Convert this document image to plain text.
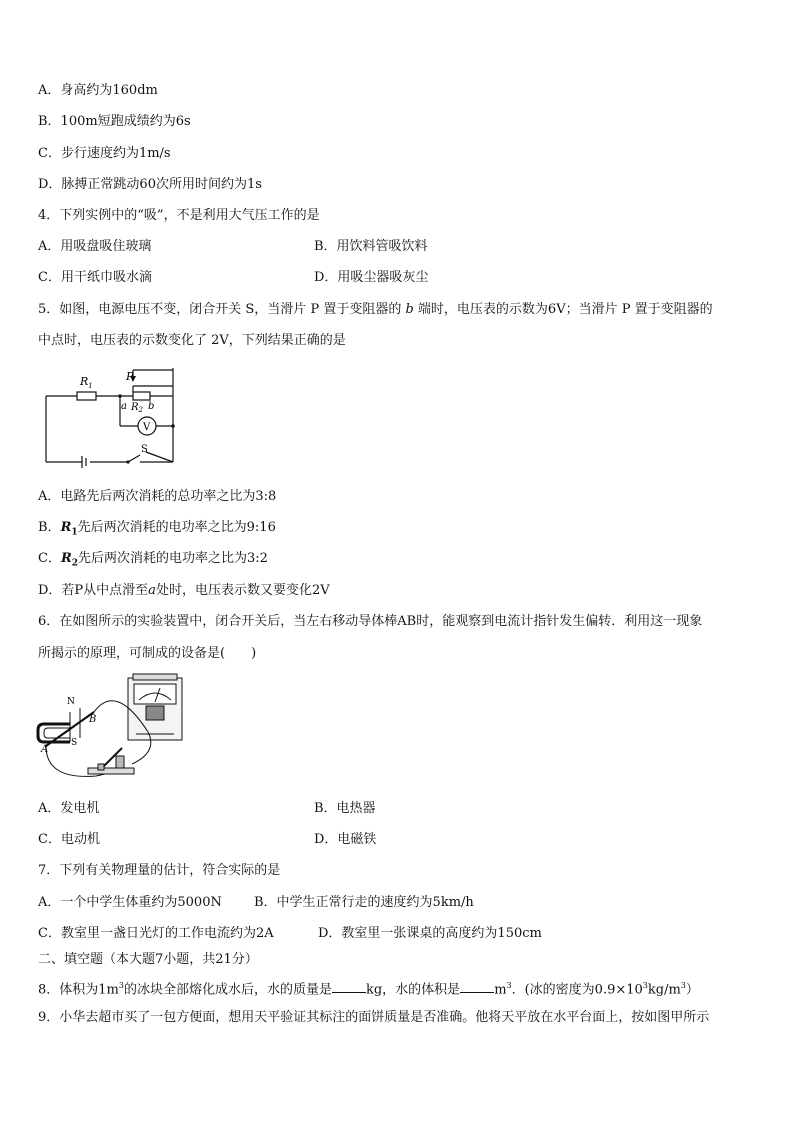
A．身高约为160dm
B．100m短跑成绩约为6s
C．步行速度约为1m/s
D．脉搏正常跳动60次所用时间约为1s
4．下列实例中的“吸”，不是利用大气压工作的是
A．用吸盘吸住玻璃	B．用饮料管吸饮料
C．用干纸巾吸水滴	D．用吸尘器吸灰尘
5．如图，电源电压不变，闭合开关 S，当滑片 P 置于变阻器的 b 端时，电压表的示数为6V；当滑片 P 置于变阻器的
中点时，电压表的示数变化了 2V，下列结果正确的是
$R_1$
P
a $R_2$ b
V
S
A．电路先后两次消耗的总功率之比为3:8
B．$R_1$先后两次消耗的电功率之比为9:16
C．$R_2$先后两次消耗的电功率之比为3:2
D．若P从中点滑至a处时，电压表示数又要变化2V
6．在如图所示的实验装置中，闭合开关后，当左右移动导体棒AB时，能观察到电流计指针发生偏转．利用这一现象
所揭示的原理，可制成的设备是(　　)
N
S
A
B
A．发电机	B．电热器
C．电动机	D．电磁铁
7．下列有关物理量的估计，符合实际的是
A．一个中学生体重约为5000N B．中学生正常行走的速度约为5km/h
C．教室里一盏日光灯的工作电流约为2A	D．教室里一张课桌的高度约为150cm
二、填空题（本大题7小题，共21分）
8．体积为$1m^3$的冰块全部熔化成水后，水的质量是	kg，水的体积是	$m^3$．(冰的密度为$0.9\times 10^3kg/m^3$）
9．小华去超市买了一包方便面，想用天平验证其标注的面饼质量是否准确。他将天平放在水平台面上，按如图甲所示
